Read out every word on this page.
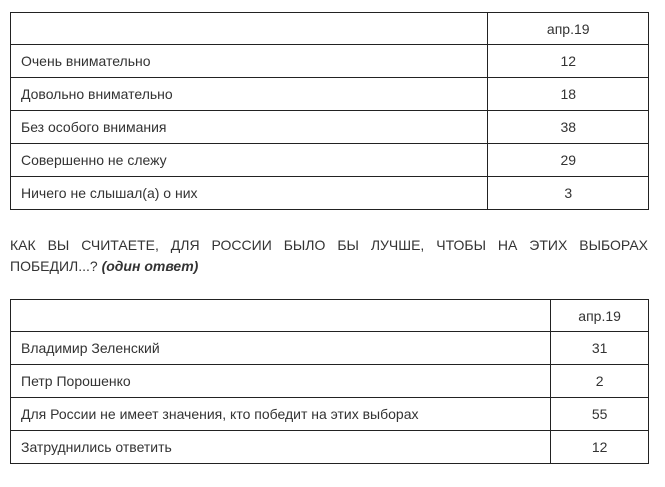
	апр.19
Очень внимательно	12
Довольно внимательно	18
Без особого внимания	38
Совершенно не слежу	29
Ничего не слышал(а) о них	3

КАК ВЫ СЧИТАЕТЕ, ДЛЯ РОССИИ БЫЛО БЫ ЛУЧШЕ, ЧТОБЫ НА ЭТИХ ВЫБОРАХ ПОБЕДИЛ...? (один ответ)

	апр.19
Владимир Зеленский	31
Петр Порошенко	2
Для России не имеет значения, кто победит на этих выборах	55
Затруднились ответить	12
